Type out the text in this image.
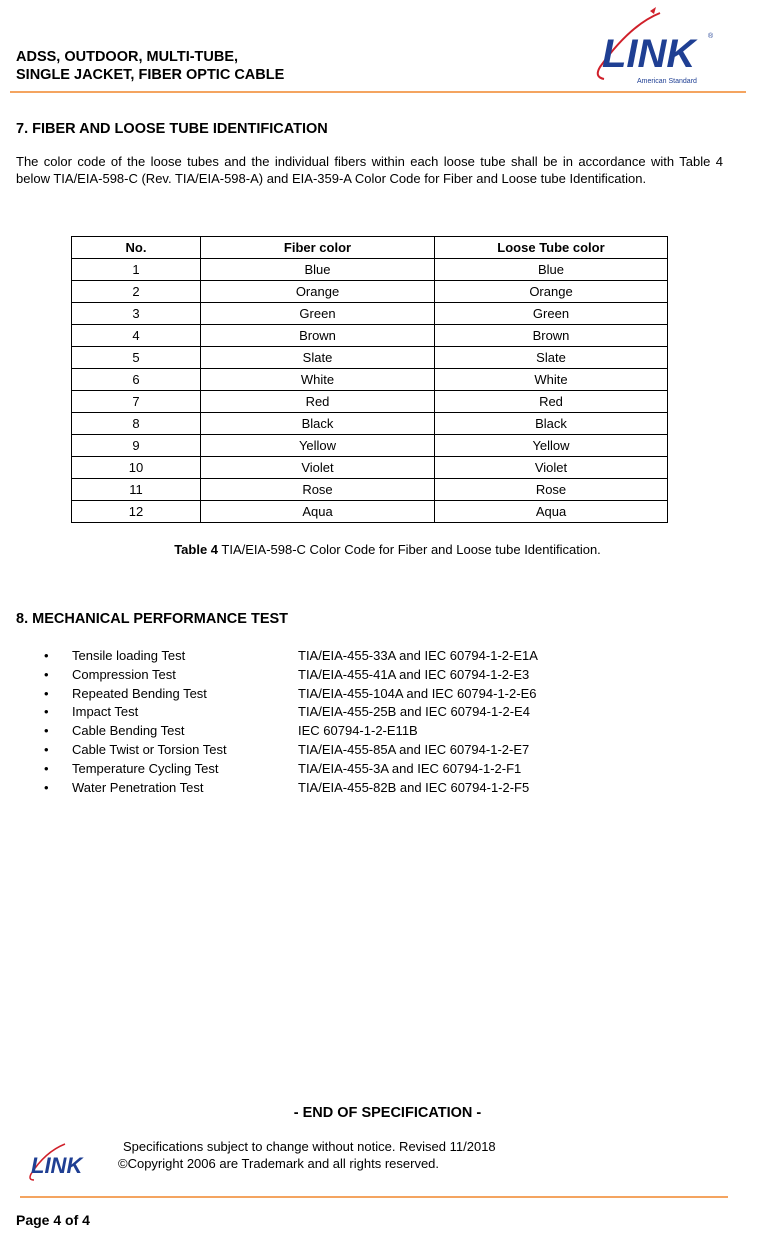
ADSS, OUTDOOR, MULTI-TUBE,
SINGLE JACKET, FIBER OPTIC CABLE	LINK	®
American Standard
7. FIBER AND LOOSE TUBE IDENTIFICATION
The color code of the loose tubes and the individual fibers within each loose tube shall be in accordance with Table 4 below TIA/EIA-598-C (Rev. TIA/EIA-598-A) and EIA-359-A Color Code for Fiber and Loose tube Identification.
No.	Fiber color	Loose Tube color
1	Blue	Blue
2	Orange	Orange
3	Green	Green
4	Brown	Brown
5	Slate	Slate
6	White	White
7	Red	Red
8	Black	Black
9	Yellow	Yellow
10	Violet	Violet
11	Rose	Rose
12	Aqua	Aqua
Table 4 TIA/EIA-598-C Color Code for Fiber and Loose tube Identification.
8. MECHANICAL PERFORMANCE TEST
• Tensile loading Test	TIA/EIA-455-33A and IEC 60794-1-2-E1A
• Compression Test	TIA/EIA-455-41A and IEC 60794-1-2-E3
• Repeated Bending Test	TIA/EIA-455-104A and IEC 60794-1-2-E6
• Impact Test	TIA/EIA-455-25B and IEC 60794-1-2-E4
• Cable Bending Test	IEC 60794-1-2-E11B
• Cable Twist or Torsion Test	TIA/EIA-455-85A and IEC 60794-1-2-E7
• Temperature Cycling Test	TIA/EIA-455-3A and IEC 60794-1-2-F1
• Water Penetration Test	TIA/EIA-455-82B and IEC 60794-1-2-F5
- END OF SPECIFICATION -
LINK
Specifications subject to change without notice. Revised 11/2018
©Copyright 2006 are Trademark and all rights reserved.
Page 4 of 4
